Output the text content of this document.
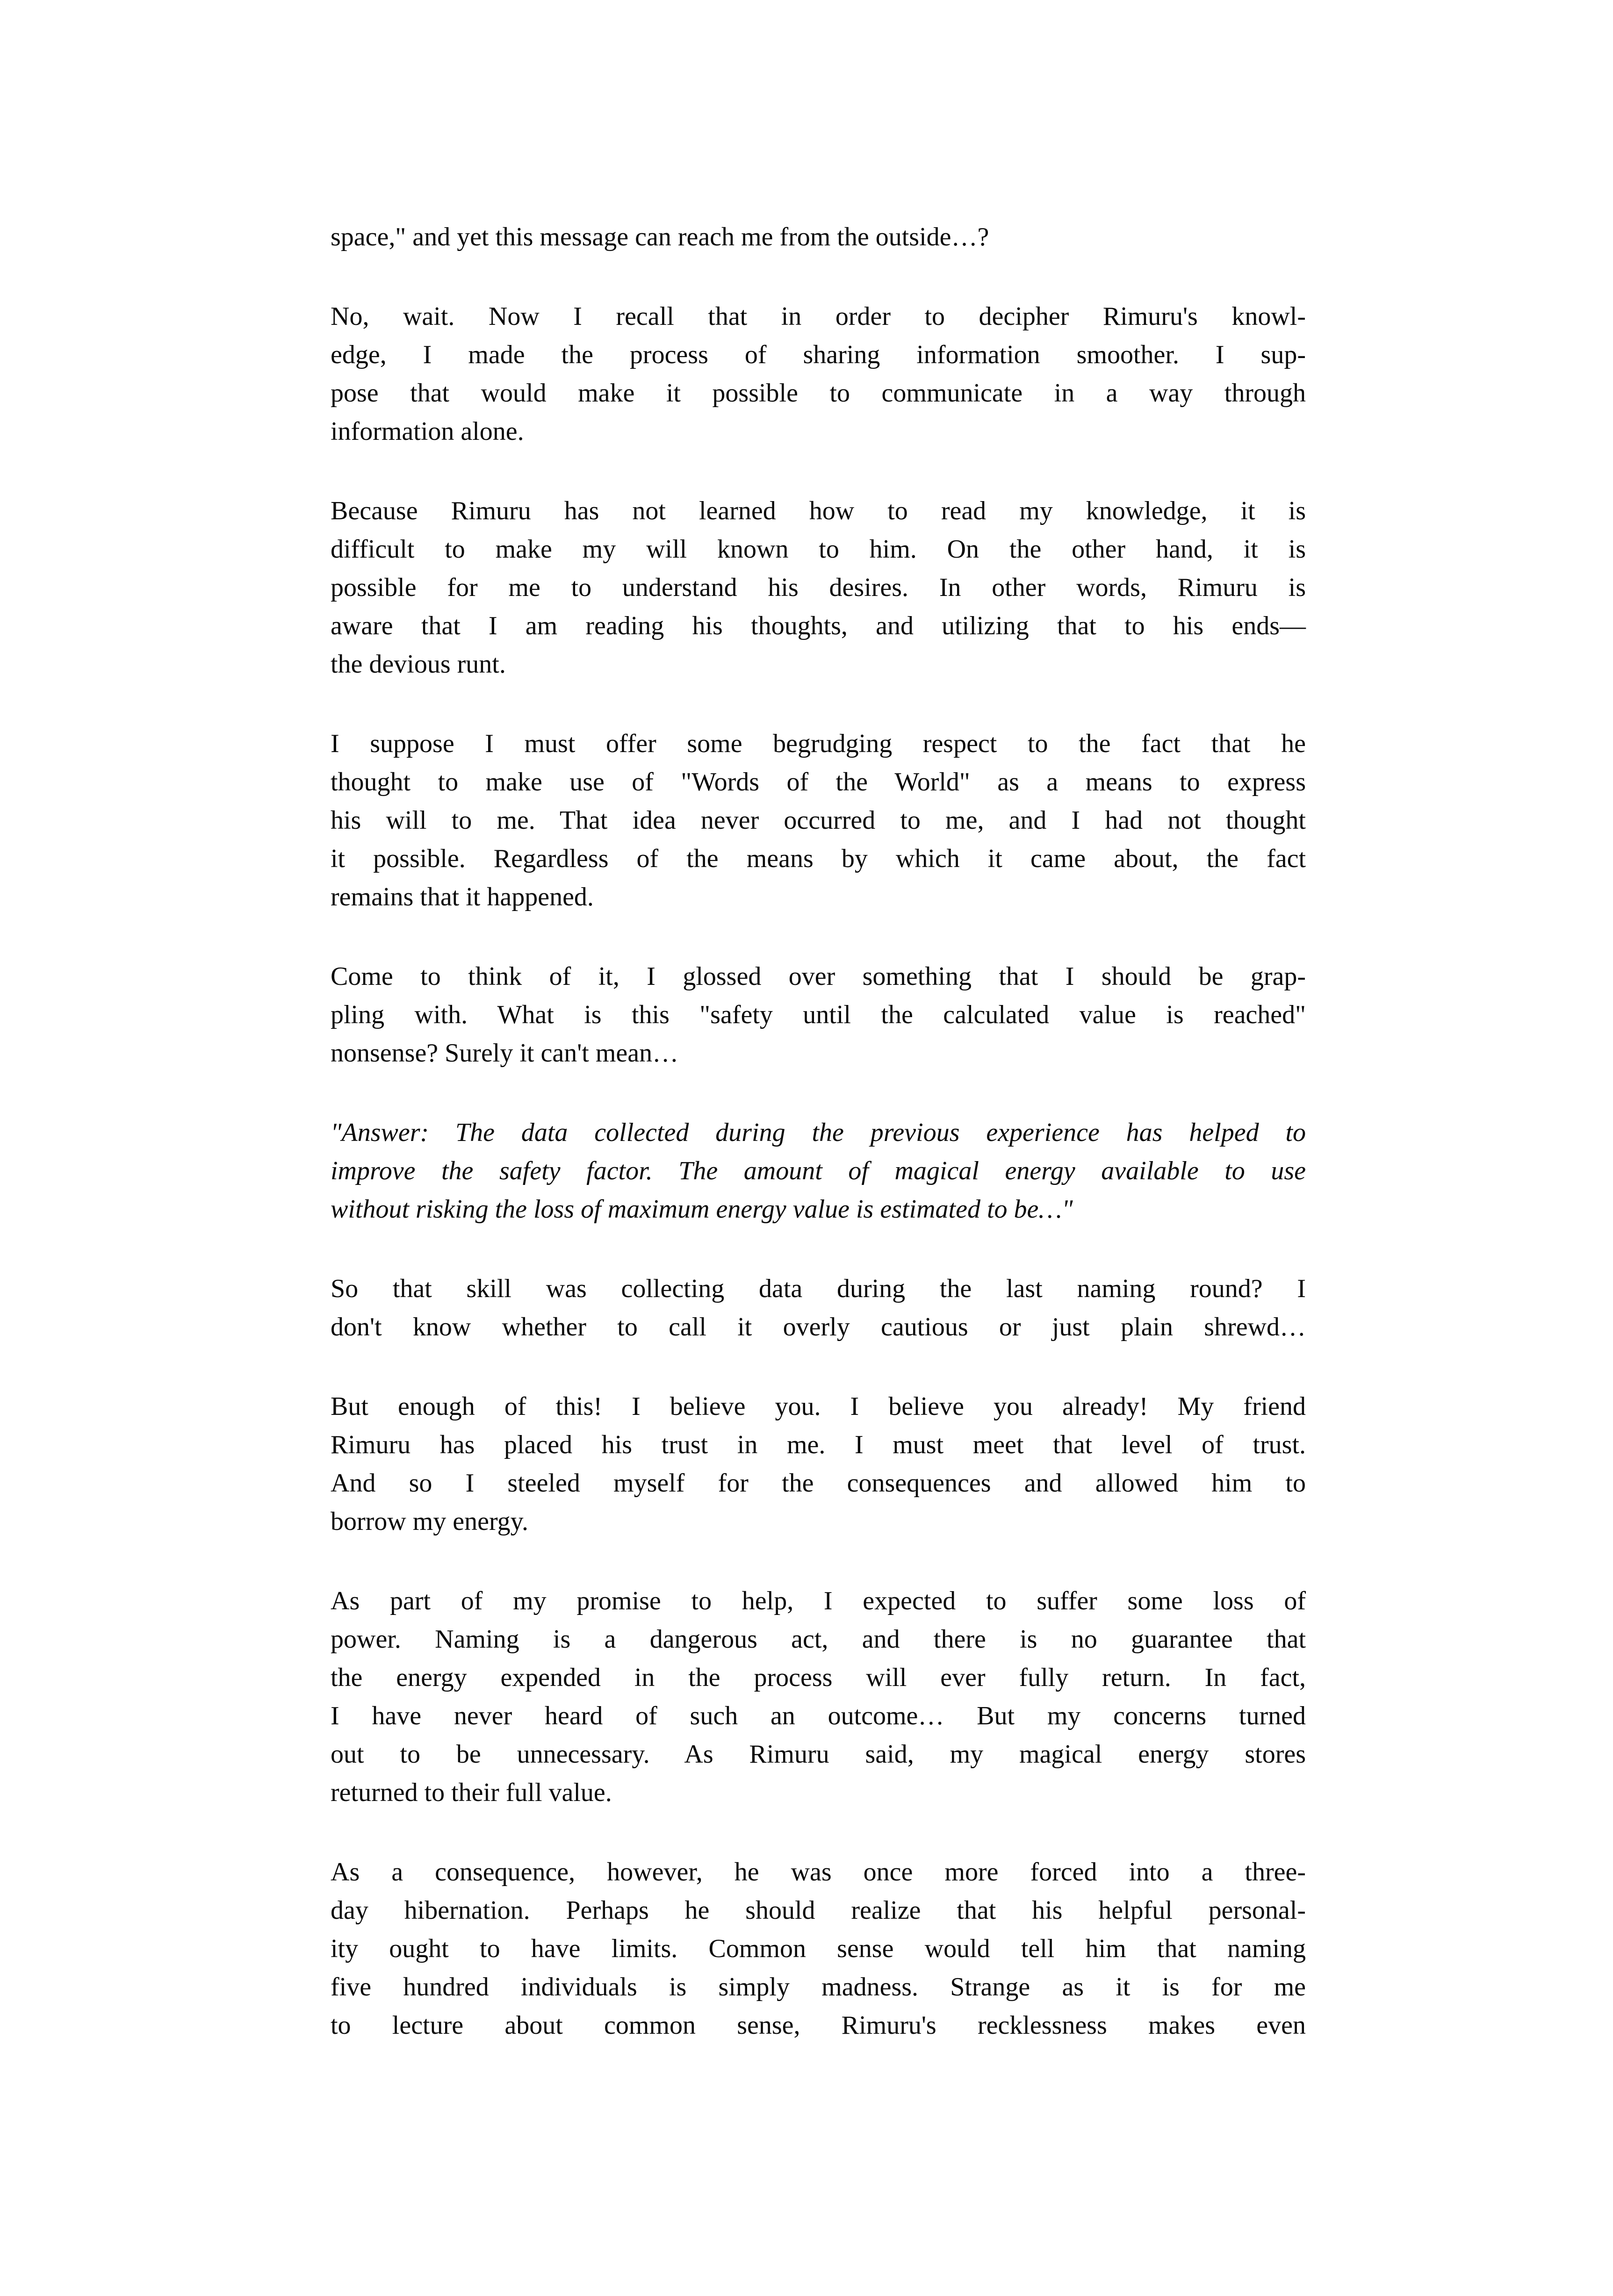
space," and yet this message can reach me from the outside…?

No, wait. Now I recall that in order to decipher Rimuru's knowl-
edge, I made the process of sharing information smoother. I sup-
pose that would make it possible to communicate in a way through
information alone.

Because Rimuru has not learned how to read my knowledge, it is
difficult to make my will known to him. On the other hand, it is
possible for me to understand his desires. In other words, Rimuru is
aware that I am reading his thoughts, and utilizing that to his ends—
the devious runt.

I suppose I must offer some begrudging respect to the fact that he
thought to make use of "Words of the World" as a means to express
his will to me. That idea never occurred to me, and I had not thought
it possible. Regardless of the means by which it came about, the fact
remains that it happened.

Come to think of it, I glossed over something that I should be grap-
pling with. What is this "safety until the calculated value is reached"
nonsense? Surely it can't mean…

"Answer: The data collected during the previous experience has helped to
improve the safety factor. The amount of magical energy available to use
without risking the loss of maximum energy value is estimated to be…"

So that skill was collecting data during the last naming round? I
don't know whether to call it overly cautious or just plain shrewd…

But enough of this! I believe you. I believe you already! My friend
Rimuru has placed his trust in me. I must meet that level of trust.
And so I steeled myself for the consequences and allowed him to
borrow my energy.

As part of my promise to help, I expected to suffer some loss of
power. Naming is a dangerous act, and there is no guarantee that
the energy expended in the process will ever fully return. In fact,
I have never heard of such an outcome… But my concerns turned
out to be unnecessary. As Rimuru said, my magical energy stores
returned to their full value.

As a consequence, however, he was once more forced into a three-
day hibernation. Perhaps he should realize that his helpful personal-
ity ought to have limits. Common sense would tell him that naming
five hundred individuals is simply madness. Strange as it is for me
to lecture about common sense, Rimuru's recklessness makes even
